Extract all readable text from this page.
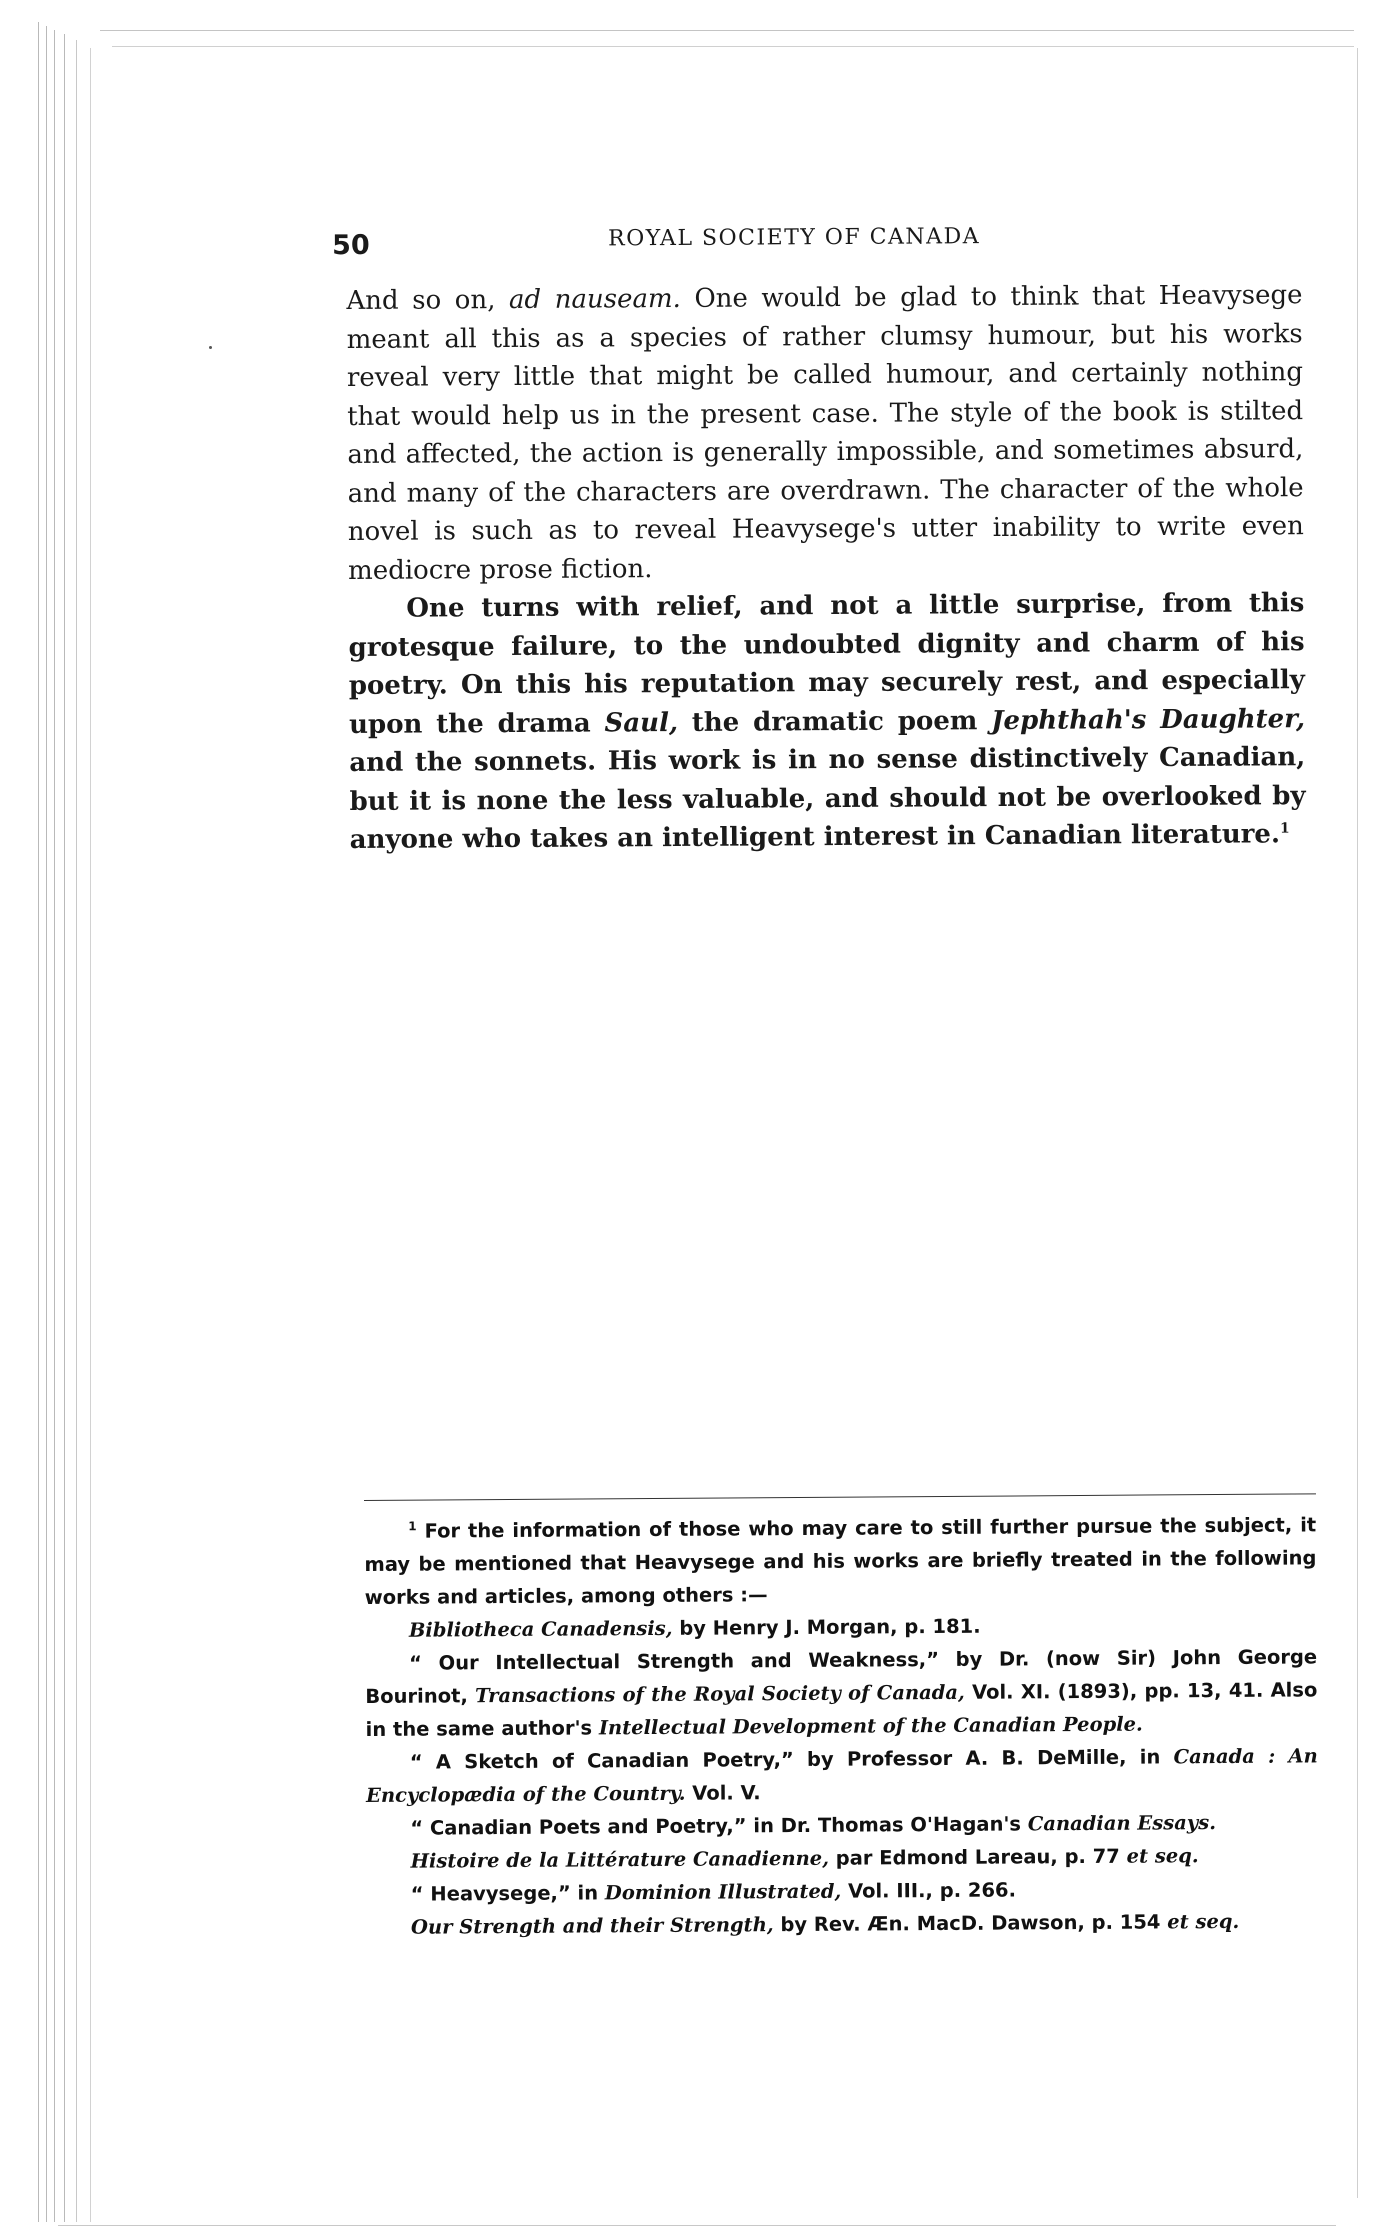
50	ROYAL SOCIETY OF CANADA

And so on, ad nauseam. One would be glad to think that Heavysege meant all this as a species of rather clumsy humour, but his works reveal very little that might be called humour, and certainly nothing that would help us in the present case. The style of the book is stilted and affected, the action is generally impossible, and sometimes absurd, and many of the characters are overdrawn. The character of the whole novel is such as to reveal Heavysege's utter inability to write even mediocre prose fiction.

One turns with relief, and not a little surprise, from this grotesque failure, to the undoubted dignity and charm of his poetry. On this his reputation may securely rest, and especially upon the drama Saul, the dramatic poem Jephthah's Daughter, and the sonnets. His work is in no sense distinctively Canadian, but it is none the less valuable, and should not be overlooked by anyone who takes an intelligent interest in Canadian literature.$^1$

$^1$ For the information of those who may care to still further pursue the subject, it may be mentioned that Heavysege and his works are briefly treated in the following works and articles, among others :—

Bibliotheca Canadensis, by Henry J. Morgan, p. 181.

“ Our Intellectual Strength and Weakness,” by Dr. (now Sir) John George Bourinot, Transactions of the Royal Society of Canada, Vol. XI. (1893), pp. 13, 41. Also in the same author's Intellectual Development of the Canadian People.

“ A Sketch of Canadian Poetry,” by Professor A. B. DeMille, in Canada : An Encyclopædia of the Country. Vol. V.

“ Canadian Poets and Poetry,” in Dr. Thomas O'Hagan's Canadian Essays.

Histoire de la Littérature Canadienne, par Edmond Lareau, p. 77 et seq.

“ Heavysege,” in Dominion Illustrated, Vol. III., p. 266.

Our Strength and their Strength, by Rev. Æn. MacD. Dawson, p. 154 et seq.
